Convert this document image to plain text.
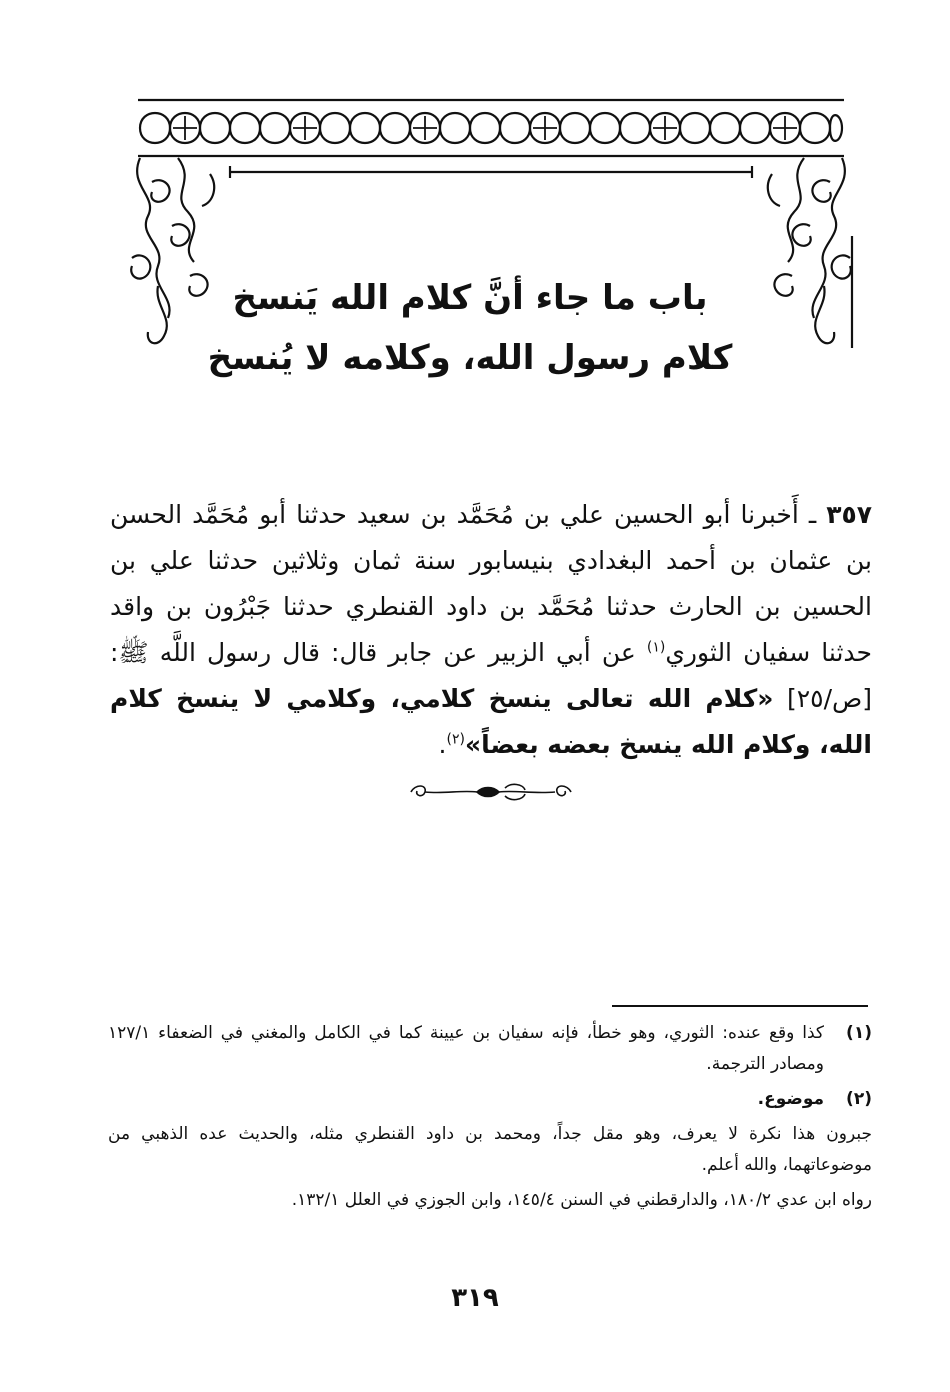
باب ما جاء أنَّ كلام الله يَنسخ
كلام رسول الله، وكلامه لا يُنسخ
٣٥٧ ـ أَخبرنا أبو الحسين علي بن مُحَمَّد بن سعيد حدثنا أبو مُحَمَّد الحسن بن عثمان بن أحمد البغدادي بنيسابور سنة ثمان وثلاثين حدثنا علي بن الحسين بن الحارث حدثنا مُحَمَّد بن داود القنطري حدثنا جَبْرُون بن واقد حدثنا سفيان الثوري$^{(١)}$ عن أبي الزبير عن جابر قال: قال رسول اللَّه ﷺ: [ص/٢٥] «كلام الله تعالى ينسخ كلامي، وكلامي لا ينسخ كلام الله، وكلام الله ينسخ بعضه بعضاً»$^{(٢)}$.
(١)
كذا وقع عنده: الثوري، وهو خطأ، فإنه سفيان بن عيينة كما في الكامل والمغني في الضعفاء ١٢٧/١ ومصادر الترجمة.
(٢)
موضوع.
جبرون هذا نكرة لا يعرف، وهو مقل جداً، ومحمد بن داود القنطري مثله، والحديث عده الذهبي من موضوعاتهما، والله أعلم.
رواه ابن عدي ١٨٠/٢، والدارقطني في السنن ١٤٥/٤، وابن الجوزي في العلل ١٣٢/١.
٣١٩
